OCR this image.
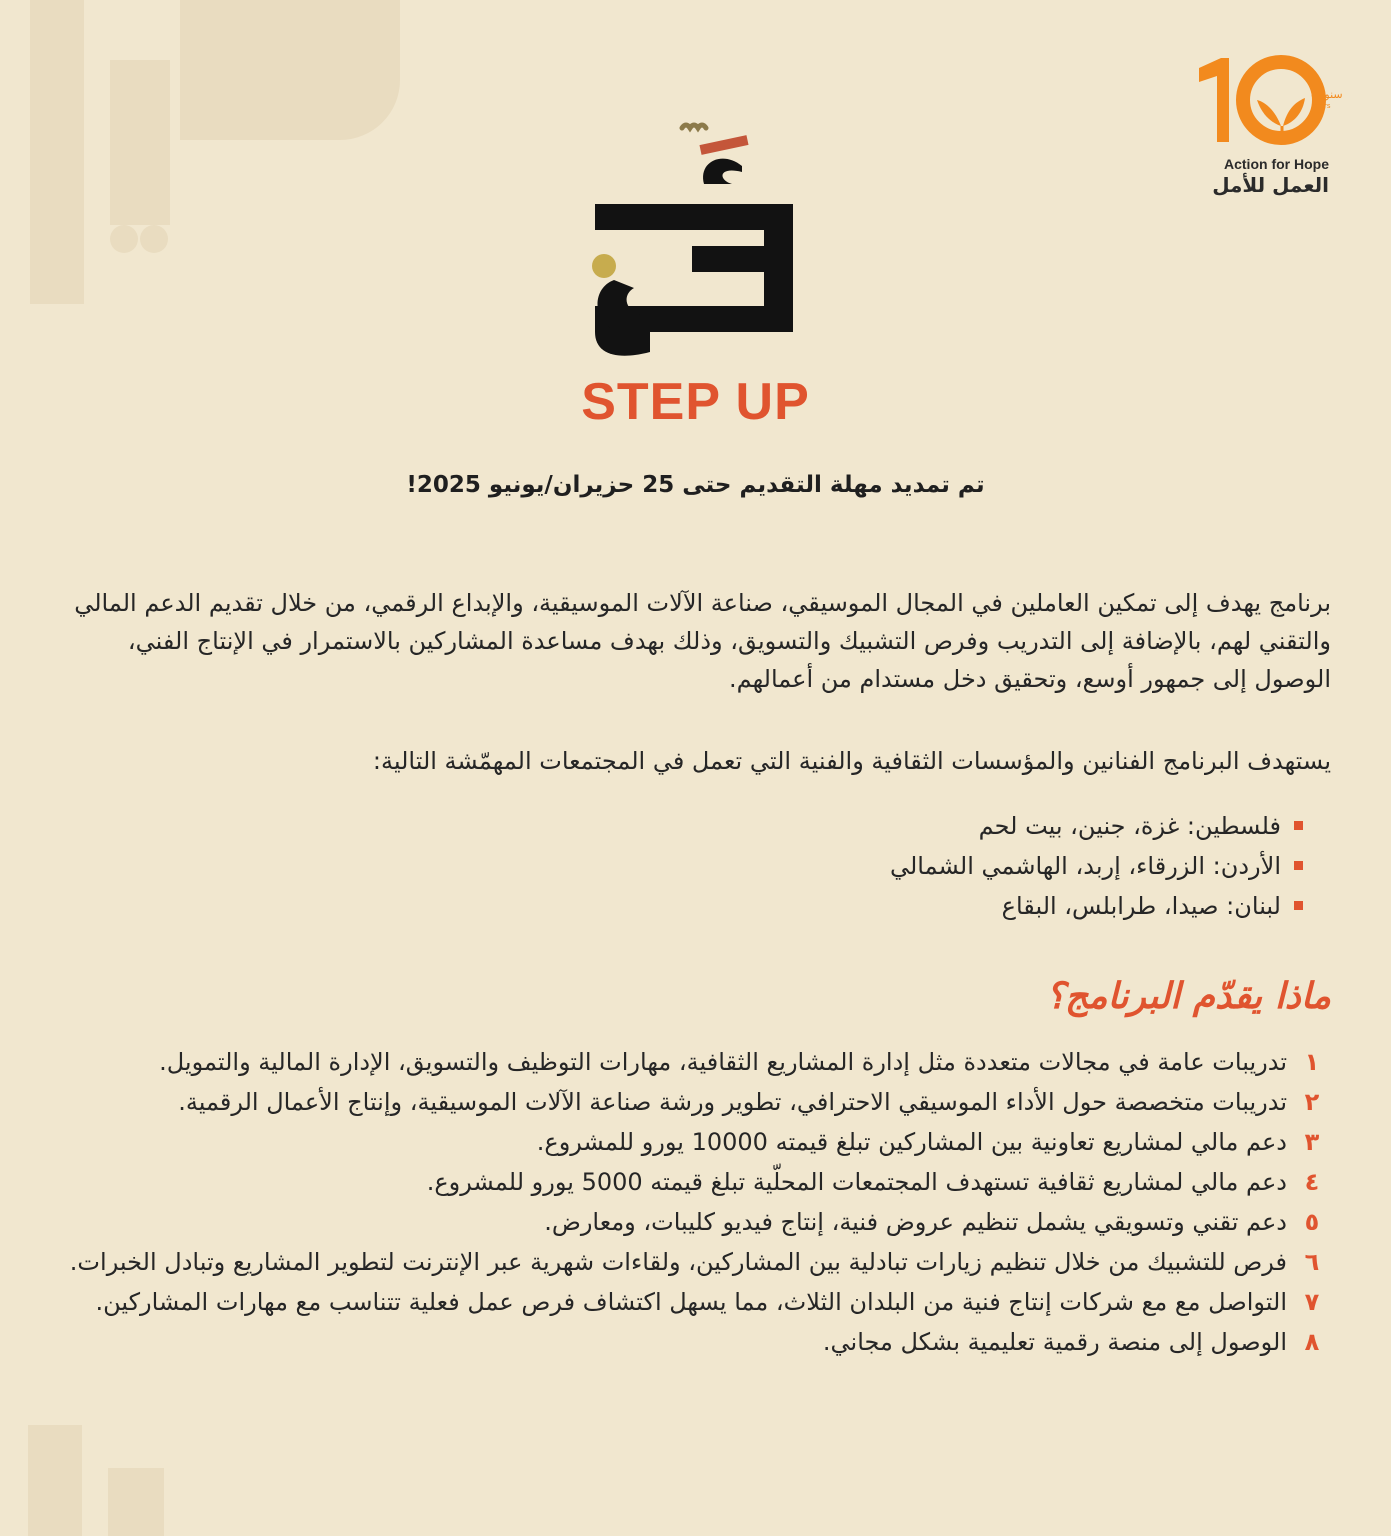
سنوات
Years
Action for Hope
العمل للأمل
STEP UP
تم تمديد مهلة التقديم حتى 25 حزيران/يونيو 2025!
برنامج يهدف إلى تمكين العاملين في المجال الموسيقي، صناعة الآلات الموسيقية، والإبداع الرقمي، من خلال تقديم الدعم المالي والتقني لهم، بالإضافة إلى التدريب وفرص التشبيك والتسويق، وذلك بهدف مساعدة المشاركين بالاستمرار في الإنتاج الفني، الوصول إلى جمهور أوسع، وتحقيق دخل مستدام من أعمالهم.
يستهدف البرنامج الفنانين والمؤسسات الثقافية والفنية التي تعمل في المجتمعات المهمّشة التالية:
فلسطين: غزة، جنين، بيت لحم
الأردن: الزرقاء، إربد، الهاشمي الشمالي
لبنان: صيدا، طرابلس، البقاع
ماذا يقدّم البرنامج؟
١
تدريبات عامة في مجالات متعددة مثل إدارة المشاريع الثقافية، مهارات التوظيف والتسويق، الإدارة المالية والتمويل.
٢
تدريبات متخصصة حول الأداء الموسيقي الاحترافي، تطوير ورشة صناعة الآلات الموسيقية، وإنتاج الأعمال الرقمية.
٣
دعم مالي لمشاريع تعاونية بين المشاركين تبلغ قيمته 10000 يورو للمشروع.
٤
دعم مالي لمشاريع ثقافية تستهدف المجتمعات المحلّية تبلغ قيمته 5000 يورو للمشروع.
٥
دعم تقني وتسويقي يشمل تنظيم عروض فنية، إنتاج فيديو كليبات، ومعارض.
٦
فرص للتشبيك من خلال تنظيم زيارات تبادلية بين المشاركين، ولقاءات شهرية عبر الإنترنت لتطوير المشاريع وتبادل الخبرات.
٧
التواصل مع مع شركات إنتاج فنية من البلدان الثلاث، مما يسهل اكتشاف فرص عمل فعلية تتناسب مع مهارات المشاركين.
٨
الوصول إلى منصة رقمية تعليمية بشكل مجاني.
